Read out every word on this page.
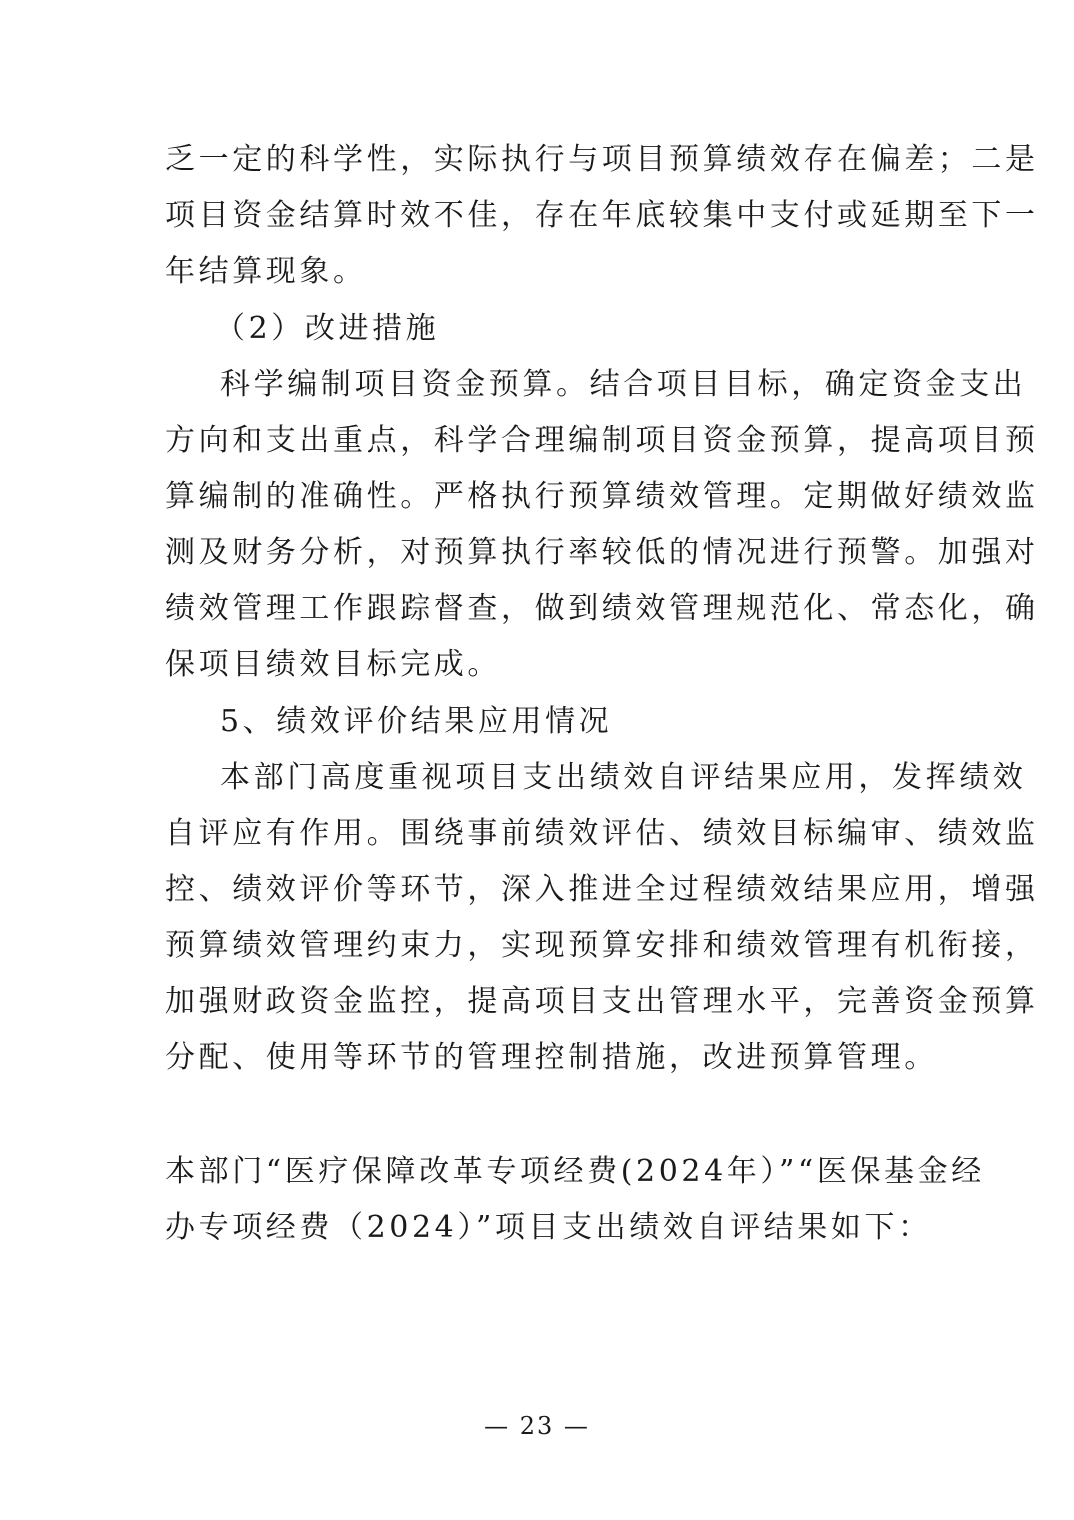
乏一定的科学性，实际执行与项目预算绩效存在偏差；二是
项目资金结算时效不佳，存在年底较集中支付或延期至下一
年结算现象。
（2）改进措施
科学编制项目资金预算。结合项目目标，确定资金支出
方向和支出重点，科学合理编制项目资金预算，提高项目预
算编制的准确性。严格执行预算绩效管理。定期做好绩效监
测及财务分析，对预算执行率较低的情况进行预警。加强对
绩效管理工作跟踪督查，做到绩效管理规范化、常态化，确
保项目绩效目标完成。
5、绩效评价结果应用情况
本部门高度重视项目支出绩效自评结果应用，发挥绩效
自评应有作用。围绕事前绩效评估、绩效目标编审、绩效监
控、绩效评价等环节，深入推进全过程绩效结果应用，增强
预算绩效管理约束力，实现预算安排和绩效管理有机衔接，
加强财政资金监控，提高项目支出管理水平，完善资金预算
分配、使用等环节的管理控制措施，改进预算管理。
本部门“医疗保障改革专项经费(2024年）”“医保基金经
办专项经费（2024）”项目支出绩效自评结果如下：
— 23 —
